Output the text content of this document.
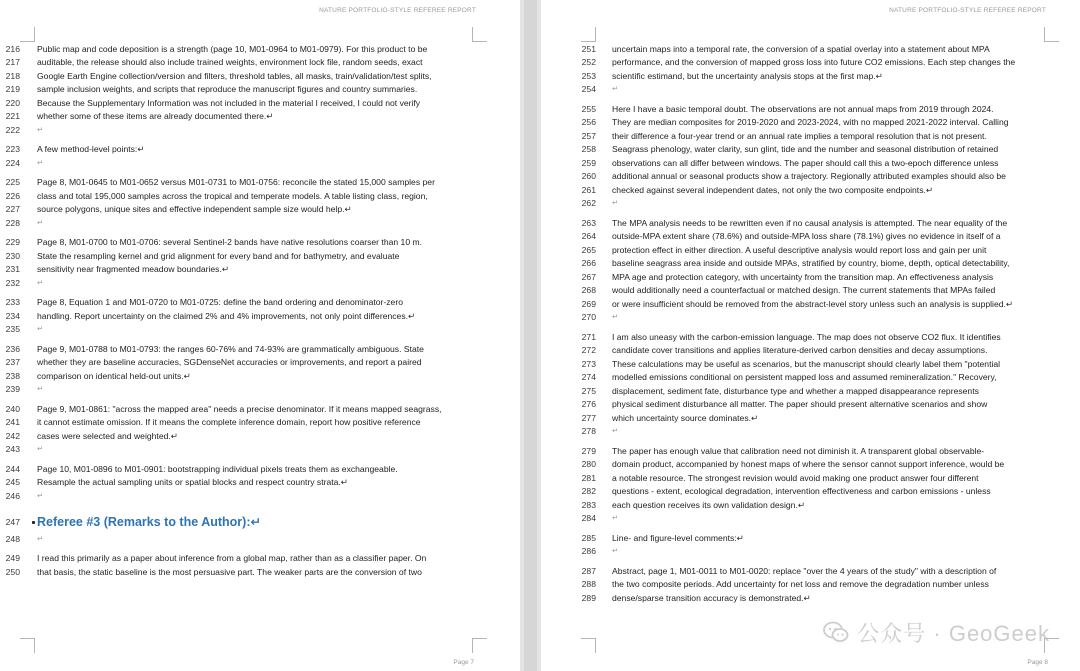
NATURE PORTFOLIO-STYLE REFEREE REPORT
216 Public map and code deposition is a strength (page 10, M01-0964 to M01-0979). For this product to be
217 auditable, the release should also include trained weights, environment lock file, random seeds, exact
218 Google Earth Engine collection/version and filters, threshold tables, all masks, train/validation/test splits,
219 sample inclusion weights, and scripts that reproduce the manuscript figures and country summaries.
220 Because the Supplementary Information was not included in the material I received, I could not verify
221 whether some of these items are already documented there.↵
222 ↵
223 A few method-level points:↵
224 ↵
225 Page 8, M01-0645 to M01-0652 versus M01-0731 to M01-0756: reconcile the stated 15,000 samples per
226 class and total 195,000 samples across the tropical and temperate models. A table listing class, region,
227 source polygons, unique sites and effective independent sample size would help.↵
228 ↵
229 Page 8, M01-0700 to M01-0706: several Sentinel-2 bands have native resolutions coarser than 10 m.
230 State the resampling kernel and grid alignment for every band and for bathymetry, and evaluate
231 sensitivity near fragmented meadow boundaries.↵
232 ↵
233 Page 8, Equation 1 and M01-0720 to M01-0725: define the band ordering and denominator-zero
234 handling. Report uncertainty on the claimed 2% and 4% improvements, not only point differences.↵
235 ↵
236 Page 9, M01-0788 to M01-0793: the ranges 60-76% and 74-93% are grammatically ambiguous. State
237 whether they are baseline accuracies, SGDenseNet accuracies or improvements, and report a paired
238 comparison on identical held-out units.↵
239 ↵
240 Page 9, M01-0861: "across the mapped area" needs a precise denominator. If it means mapped seagrass,
241 it cannot estimate omission. If it means the complete inference domain, report how positive reference
242 cases were selected and weighted.↵
243 ↵
244 Page 10, M01-0896 to M01-0901: bootstrapping individual pixels treats them as exchangeable.
245 Resample the actual sampling units or spatial blocks and respect country strata.↵
246 ↵
247 Referee #3 (Remarks to the Author):↵
248 ↵
249 I read this primarily as a paper about inference from a global map, rather than as a classifier paper. On
250 that basis, the static baseline is the most persuasive part. The weaker parts are the conversion of two
Page 7
NATURE PORTFOLIO-STYLE REFEREE REPORT
251 uncertain maps into a temporal rate, the conversion of a spatial overlay into a statement about MPA
252 performance, and the conversion of mapped gross loss into future CO2 emissions. Each step changes the
253 scientific estimand, but the uncertainty analysis stops at the first map.↵
254 ↵
255 Here I have a basic temporal doubt. The observations are not annual maps from 2019 through 2024.
256 They are median composites for 2019-2020 and 2023-2024, with no mapped 2021-2022 interval. Calling
257 their difference a four-year trend or an annual rate implies a temporal resolution that is not present.
258 Seagrass phenology, water clarity, sun glint, tide and the number and seasonal distribution of retained
259 observations can all differ between windows. The paper should call this a two-epoch difference unless
260 additional annual or seasonal products show a trajectory. Regionally attributed examples should also be
261 checked against several independent dates, not only the two composite endpoints.↵
262 ↵
263 The MPA analysis needs to be rewritten even if no causal analysis is attempted. The near equality of the
264 outside-MPA extent share (78.6%) and outside-MPA loss share (78.1%) gives no evidence in itself of a
265 protection effect in either direction. A useful descriptive analysis would report loss and gain per unit
266 baseline seagrass area inside and outside MPAs, stratified by country, biome, depth, optical detectability,
267 MPA age and protection category, with uncertainty from the transition map. An effectiveness analysis
268 would additionally need a counterfactual or matched design. The current statements that MPAs failed
269 or were insufficient should be removed from the abstract-level story unless such an analysis is supplied.↵
270 ↵
271 I am also uneasy with the carbon-emission language. The map does not observe CO2 flux. It identifies
272 candidate cover transitions and applies literature-derived carbon densities and decay assumptions.
273 These calculations may be useful as scenarios, but the manuscript should clearly label them "potential
274 modelled emissions conditional on persistent mapped loss and assumed remineralization." Recovery,
275 displacement, sediment fate, disturbance type and whether a mapped disappearance represents
276 physical sediment disturbance all matter. The paper should present alternative scenarios and show
277 which uncertainty source dominates.↵
278 ↵
279 The paper has enough value that calibration need not diminish it. A transparent global observable-
280 domain product, accompanied by honest maps of where the sensor cannot support inference, would be
281 a notable resource. The strongest revision would avoid making one product answer four different
282 questions - extent, ecological degradation, intervention effectiveness and carbon emissions - unless
283 each question receives its own validation design.↵
284 ↵
285 Line- and figure-level comments:↵
286 ↵
287 Abstract, page 1, M01-0011 to M01-0020: replace "over the 4 years of the study" with a description of
288 the two composite periods. Add uncertainty for net loss and remove the degradation number unless
289 dense/sparse transition accuracy is demonstrated.↵
Page 8
公众号 · GeoGeek
